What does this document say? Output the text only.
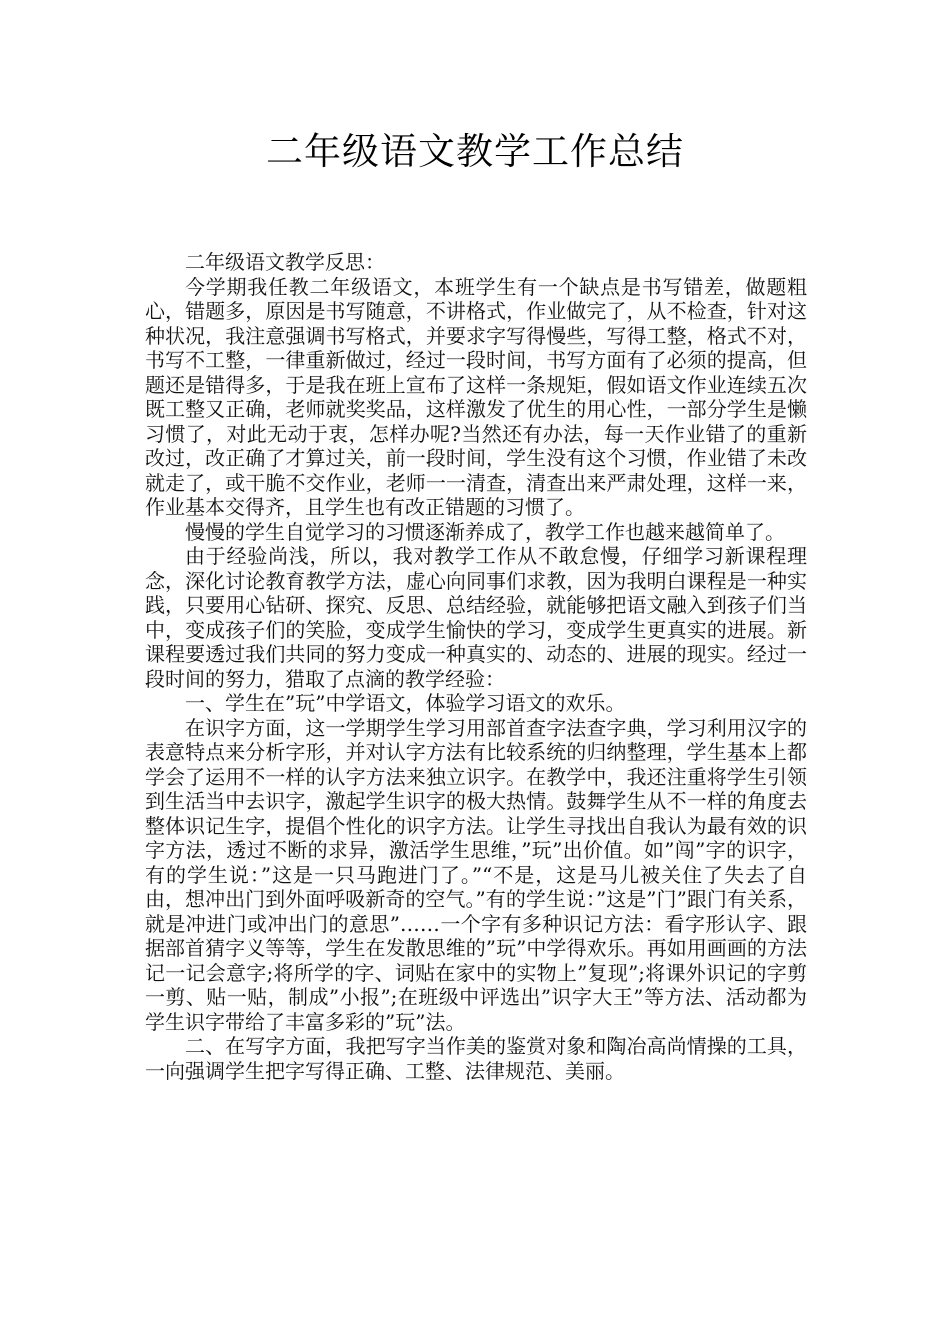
二年级语文教学工作总结

二年级语文教学反思：

今学期我任教二年级语文，本班学生有一个缺点是书写错差，做题粗心，错题多，原因是书写随意，不讲格式，作业做完了，从不检查，针对这种状况，我注意强调书写格式，并要求字写得慢些，写得工整，格式不对，书写不工整，一律重新做过，经过一段时间，书写方面有了必须的提高，但题还是错得多，于是我在班上宣布了这样一条规矩，假如语文作业连续五次既工整又正确，老师就奖奖品，这样激发了优生的用心性，一部分学生是懒习惯了，对此无动于衷，怎样办呢?当然还有办法，每一天作业错了的重新改过，改正确了才算过关，前一段时间，学生没有这个习惯，作业错了未改就走了，或干脆不交作业，老师一一清查，清查出来严肃处理，这样一来，作业基本交得齐，且学生也有改正错题的习惯了。

慢慢的学生自觉学习的习惯逐渐养成了，教学工作也越来越简单了。

由于经验尚浅，所以，我对教学工作从不敢怠慢，仔细学习新课程理念，深化讨论教育教学方法，虚心向同事们求教，因为我明白课程是一种实践，只要用心钻研、探究、反思、总结经验，就能够把语文融入到孩子们当中，变成孩子们的笑脸，变成学生愉快的学习，变成学生更真实的进展。新课程要透过我们共同的努力变成一种真实的、动态的、进展的现实。经过一段时间的努力，猎取了点滴的教学经验：

一、学生在”玩”中学语文，体验学习语文的欢乐。

在识字方面，这一学期学生学习用部首查字法查字典，学习利用汉字的表意特点来分析字形，并对认字方法有比较系统的归纳整理，学生基本上都学会了运用不一样的认字方法来独立识字。在教学中，我还注重将学生引领到生活当中去识字，激起学生识字的极大热情。鼓舞学生从不一样的角度去整体识记生字，提倡个性化的识字方法。让学生寻找出自我认为最有效的识字方法，透过不断的求异，激活学生思维，”玩”出价值。如”闯”字的识字，有的学生说：”这是一只马跑进门了。”“不是，这是马儿被关住了失去了自由，想冲出门到外面呼吸新奇的空气。”有的学生说：”这是”门”跟门有关系，就是冲进门或冲出门的意思”……一个字有多种识记方法：看字形认字、跟据部首猜字义等等，学生在发散思维的”玩”中学得欢乐。再如用画画的方法记一记会意字;将所学的字、词贴在家中的实物上”复现”;将课外识记的字剪一剪、贴一贴，制成”小报”;在班级中评选出”识字大王”等方法、活动都为学生识字带给了丰富多彩的”玩”法。

二、在写字方面，我把写字当作美的鉴赏对象和陶冶高尚情操的工具，一向强调学生把字写得正确、工整、法律规范、美丽。
